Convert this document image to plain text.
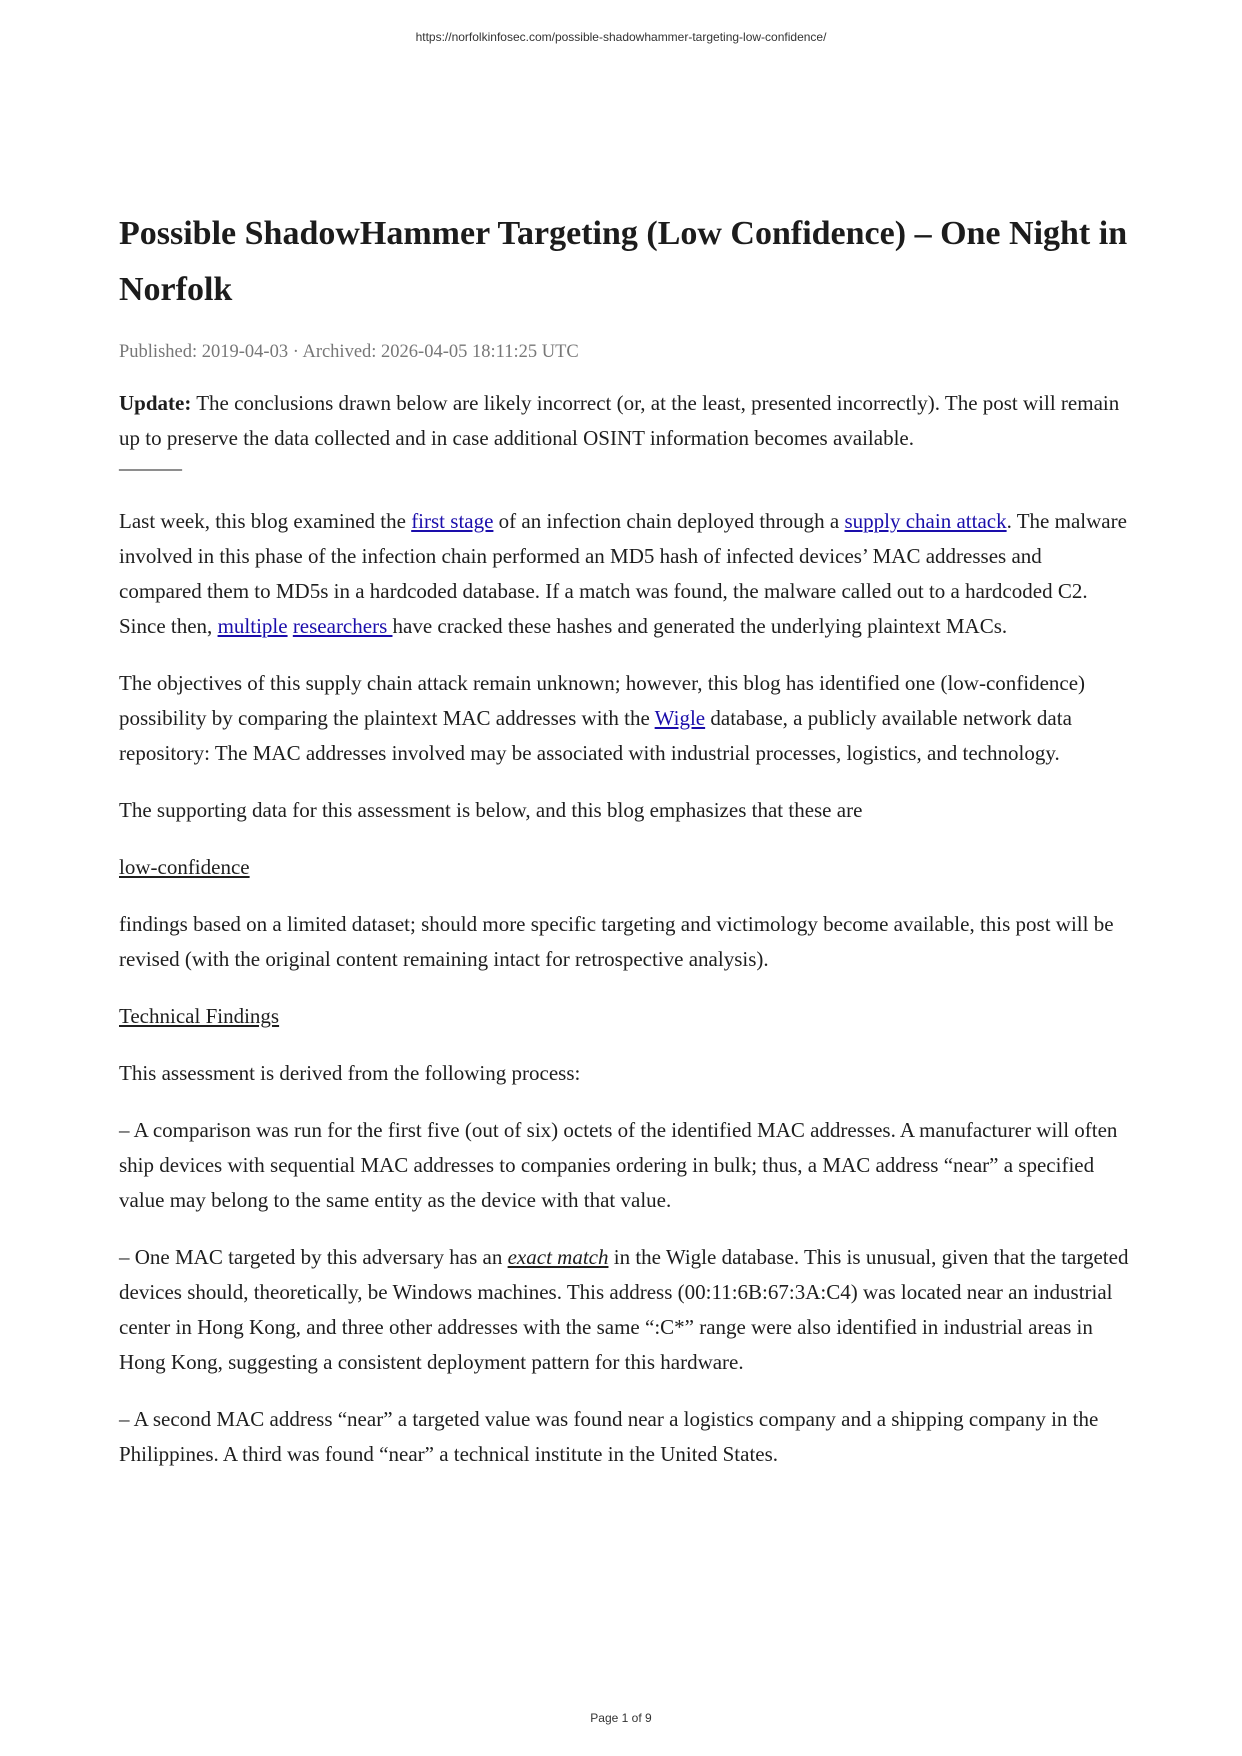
https://norfolkinfosec.com/possible-shadowhammer-targeting-low-confidence/
Possible ShadowHammer Targeting (Low Confidence) – One Night in Norfolk
Published: 2019-04-03 · Archived: 2026-04-05 18:11:25 UTC

Update: The conclusions drawn below are likely incorrect (or, at the least, presented incorrectly). The post will remain up to preserve the data collected and in case additional OSINT information becomes available.

———

Last week, this blog examined the first stage of an infection chain deployed through a supply chain attack. The malware involved in this phase of the infection chain performed an MD5 hash of infected devices’ MAC addresses and compared them to MD5s in a hardcoded database. If a match was found, the malware called out to a hardcoded C2. Since then, multiple researchers have cracked these hashes and generated the underlying plaintext MACs.

The objectives of this supply chain attack remain unknown; however, this blog has identified one (low-confidence) possibility by comparing the plaintext MAC addresses with the Wigle database, a publicly available network data repository: The MAC addresses involved may be associated with industrial processes, logistics, and technology.

The supporting data for this assessment is below, and this blog emphasizes that these are

low-confidence

findings based on a limited dataset; should more specific targeting and victimology become available, this post will be revised (with the original content remaining intact for retrospective analysis).

Technical Findings

This assessment is derived from the following process:

– A comparison was run for the first five (out of six) octets of the identified MAC addresses. A manufacturer will often ship devices with sequential MAC addresses to companies ordering in bulk; thus, a MAC address “near” a specified value may belong to the same entity as the device with that value.

– One MAC targeted by this adversary has an exact match in the Wigle database. This is unusual, given that the targeted devices should, theoretically, be Windows machines. This address (00:11:6B:67:3A:C4) was located near an industrial center in Hong Kong, and three other addresses with the same “:C*” range were also identified in industrial areas in Hong Kong, suggesting a consistent deployment pattern for this hardware.

– A second MAC address “near” a targeted value was found near a logistics company and a shipping company in the Philippines. A third was found “near” a technical institute in the United States.

Page 1 of 9
